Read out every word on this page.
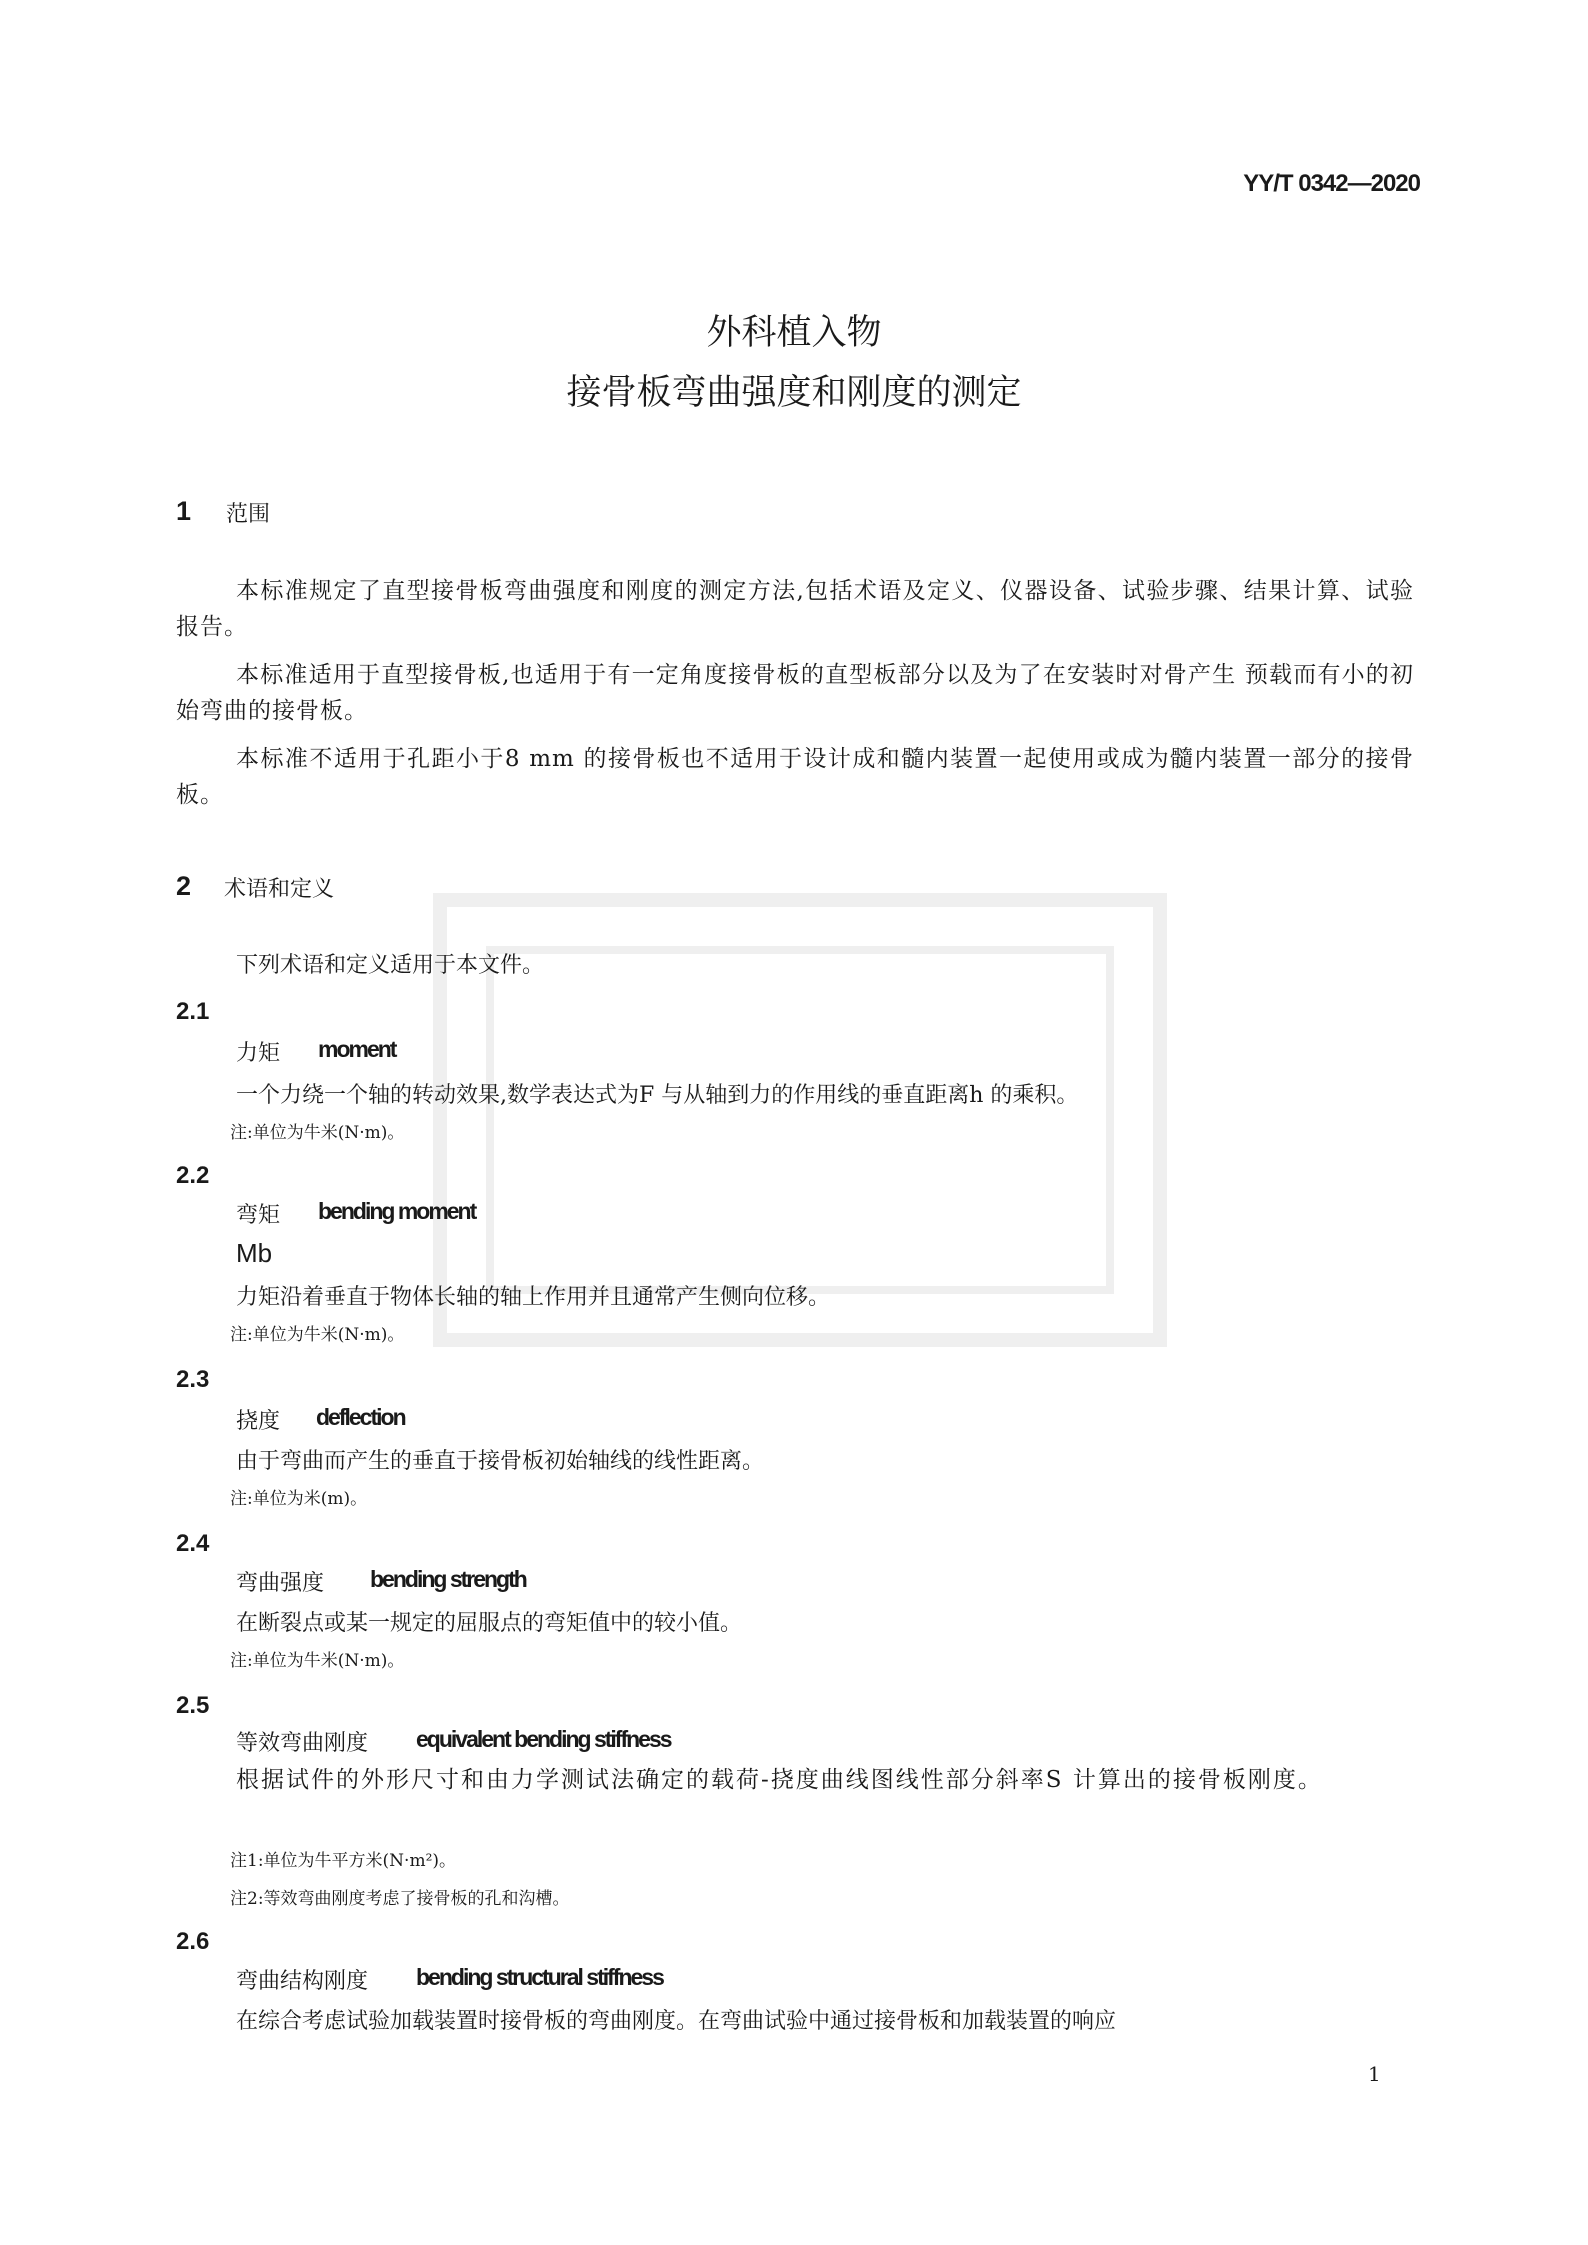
YY/T 0342—2020
外科植入物
接骨板弯曲强度和刚度的测定
1 范围

本标准规定了直型接骨板弯曲强度和刚度的测定方法,包括术语及定义、仪器设备、试验步骤、结果计算、试验报告。

本标准适用于直型接骨板,也适用于有一定角度接骨板的直型板部分以及为了在安装时对骨产生 预载而有小的初始弯曲的接骨板。

本标准不适用于孔距小于8 mm 的接骨板也不适用于设计成和髓内装置一起使用或成为髓内装置一部分的接骨板。

2 术语和定义
下列术语和定义适用于本文件。
2.1
力矩 moment
一个力绕一个轴的转动效果,数学表达式为F 与从轴到力的作用线的垂直距离h 的乘积。
注:单位为牛米(N·m)。
2.2
弯矩 bending moment
Mb
力矩沿着垂直于物体长轴的轴上作用并且通常产生侧向位移。
注:单位为牛米(N·m)。
2.3
挠度 deflection
由于弯曲而产生的垂直于接骨板初始轴线的线性距离。
注:单位为米(m)。
2.4
弯曲强度 bending strength
在断裂点或某一规定的屈服点的弯矩值中的较小值。
注:单位为牛米(N·m)。
2.5
等效弯曲刚度 equivalent bending stiffness

根据试件的外形尺寸和由力学测试法确定的载荷-挠度曲线图线性部分斜率S 计算出的接骨板刚度。

注1:单位为牛平方米(N·m²)。
注2:等效弯曲刚度考虑了接骨板的孔和沟槽。
2.6
弯曲结构刚度 bending structural stiffness
在综合考虑试验加载装置时接骨板的弯曲刚度。在弯曲试验中通过接骨板和加载装置的响应
1
